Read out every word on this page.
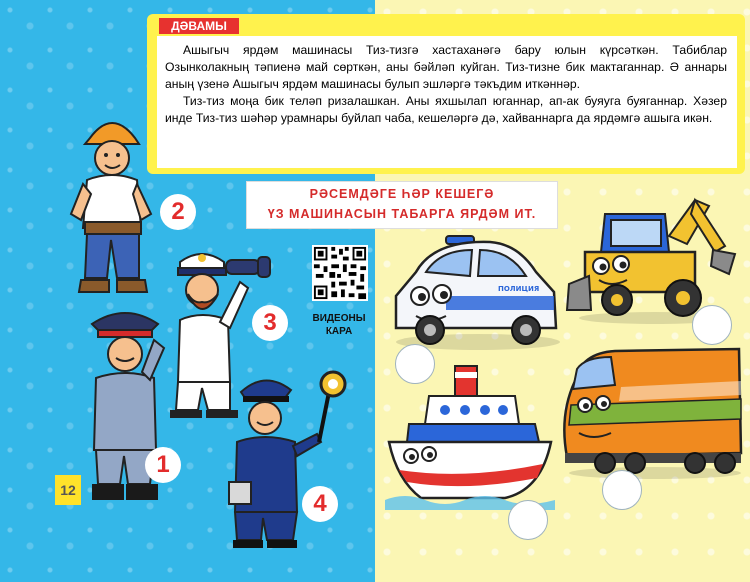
ДӘВАМЫ

Ашыгыч ярдәм машинасы Тиз-тизгә хастаханәгә бару юлын күрсәткән. Табиблар Озынколакның тәпиенә май сөрткән, аны бәйләп куйган. Тиз-тизне бик мактаганнар. Ә аннары аның үзенә Ашыгыч ярдәм машинасы булып эшләргә тәкъдим иткәннәр.

Тиз-тиз моңа бик теләп ризалашкан. Аны яхшылап юганнар, ап-ак буяуга буяганнар. Хәзер инде Тиз-тиз шәһәр урамнары буйлап чаба, кешеләргә дә, хайваннарга да ярдәмгә ашыга икән.

РӘСЕМДӘГЕ ҺӘР КЕШЕГӘ
ҮЗ МАШИНАСЫН ТАБАРГА ЯРДӘМ ИТ.
ВИДЕОНЫ
КАРА
12
2
3
1
4
ПОЛИЦИЯ
